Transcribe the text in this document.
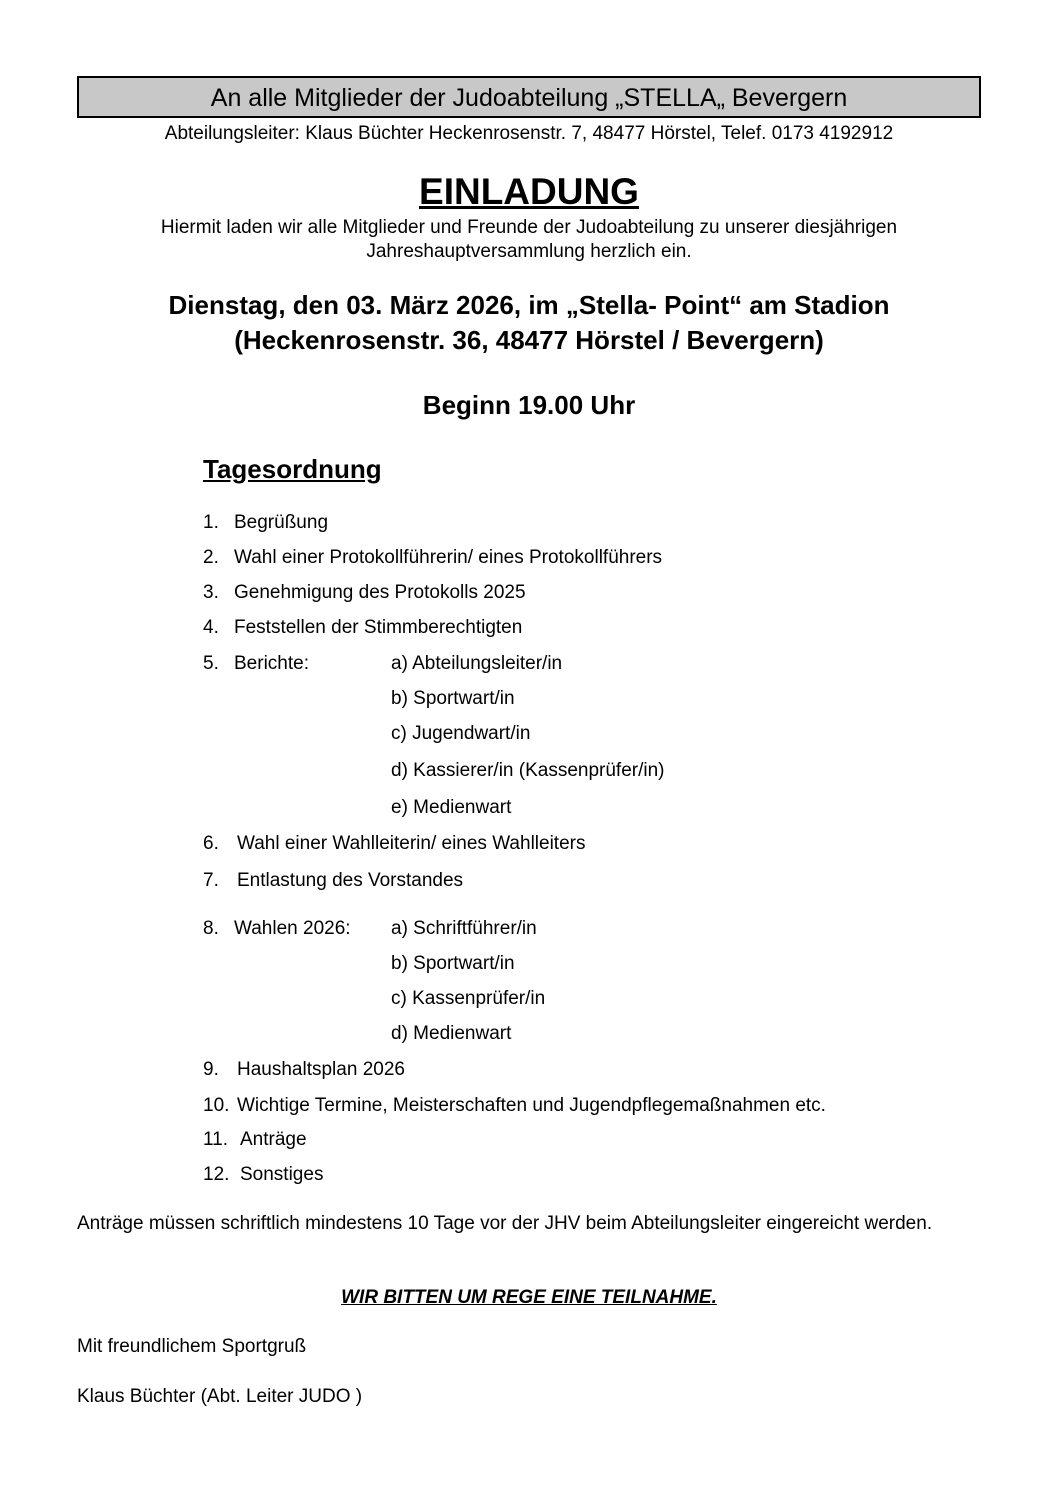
An alle Mitglieder der Judoabteilung „STELLA„ Bevergern
Abteilungsleiter: Klaus Büchter Heckenrosenstr. 7, 48477 Hörstel, Telef. 0173 4192912
EINLADUNG
Hiermit laden wir alle Mitglieder und Freunde der Judoabteilung zu unserer diesjährigen
Jahreshauptversammlung herzlich ein.
Dienstag, den 03. März 2026, im „Stella- Point“ am Stadion
(Heckenrosenstr. 36, 48477 Hörstel / Bevergern)
Beginn 19.00 Uhr
Tagesordnung
1. Begrüßung
2. Wahl einer Protokollführerin/ eines Protokollführers
3. Genehmigung des Protokolls 2025
4. Feststellen der Stimmberechtigten
5. Berichte:	a) Abteilungsleiter/in
b) Sportwart/in
c) Jugendwart/in
d) Kassierer/in (Kassenprüfer/in)
e) Medienwart
6. Wahl einer Wahlleiterin/ eines Wahlleiters
7. Entlastung des Vorstandes
8. Wahlen 2026: a) Schriftführer/in
b) Sportwart/in
c) Kassenprüfer/in
d) Medienwart
9. Haushaltsplan 2026
10. Wichtige Termine, Meisterschaften und Jugendpflegemaßnahmen etc.
11. Anträge
12. Sonstiges
Anträge müssen schriftlich mindestens 10 Tage vor der JHV beim Abteilungsleiter eingereicht werden.
WIR BITTEN UM REGE EINE TEILNAHME.
Mit freundlichem Sportgruß
Klaus Büchter (Abt. Leiter JUDO )
